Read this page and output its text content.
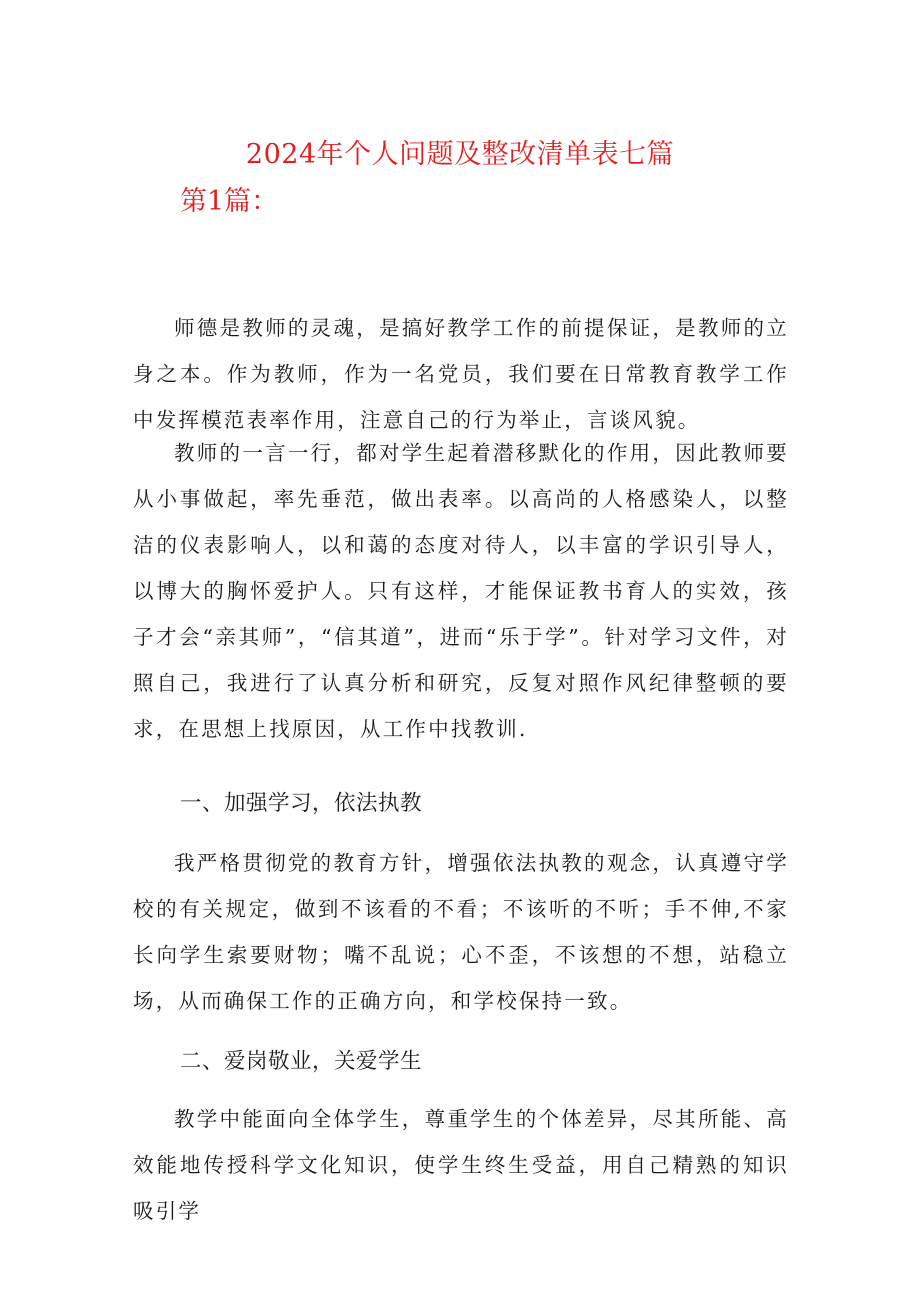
2024年个人问题及整改清单表七篇
第1篇：

师德是教师的灵魂，是搞好教学工作的前提保证，是教师的立身之本。作为教师，作为一名党员，我们要在日常教育教学工作中发挥模范表率作用，注意自己的行为举止，言谈风貌。

教师的一言一行，都对学生起着潜移默化的作用，因此教师要从小事做起，率先垂范，做出表率。以高尚的人格感染人，以整洁的仪表影响人，以和蔼的态度对待人，以丰富的学识引导人，以博大的胸怀爱护人。只有这样，才能保证教书育人的实效，孩子才会“亲其师”，“信其道”，进而“乐于学”。针对学习文件，对照自己，我进行了认真分析和研究，反复对照作风纪律整顿的要求，在思想上找原因，从工作中找教训.

一、加强学习，依法执教

我严格贯彻党的教育方针，增强依法执教的观念，认真遵守学校的有关规定，做到不该看的不看；不该听的不听；手不伸,不家长向学生索要财物；嘴不乱说；心不歪，不该想的不想，站稳立场，从而确保工作的正确方向，和学校保持一致。

二、爱岗敬业，关爱学生

教学中能面向全体学生，尊重学生的个体差异，尽其所能、高效能地传授科学文化知识，使学生终生受益，用自己精熟的知识吸引学
